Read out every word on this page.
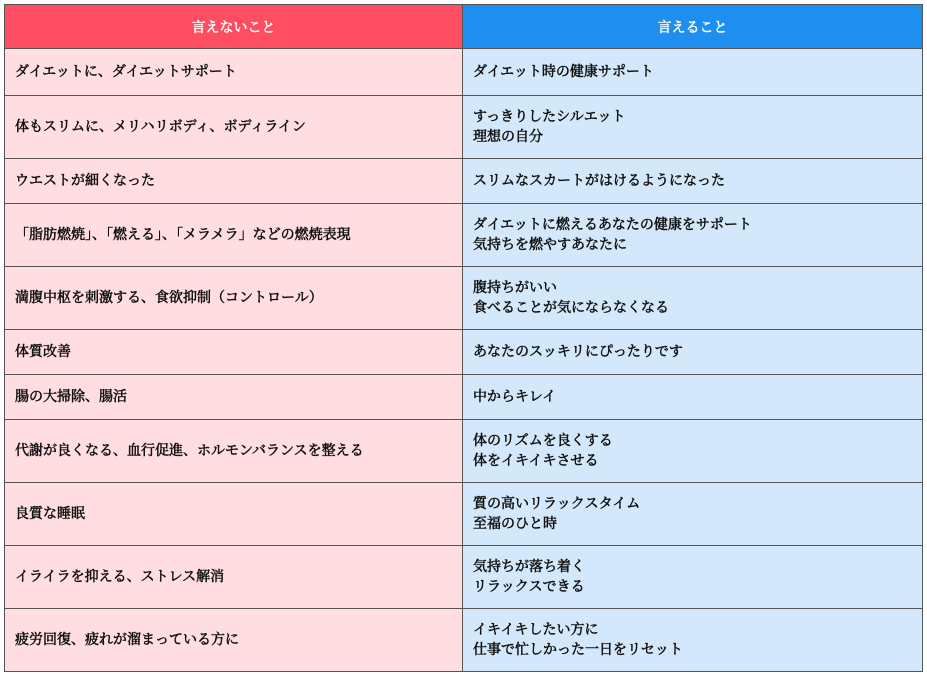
言えないこと	言えること

ダイエットに、ダイエットサポート	ダイエット時の健康サポート

体もスリムに、メリハリボディ、ボディライン	すっきりしたシルエット
理想の自分

ウエストが細くなった	スリムなスカートがはけるようになった

「脂肪燃焼」、「燃える」、「メラメラ」などの燃焼表現	ダイエットに燃えるあなたの健康をサポート
気持ちを燃やすあなたに

満腹中枢を刺激する、食欲抑制（コントロール）	腹持ちがいい
食べることが気にならなくなる

体質改善	あなたのスッキリにぴったりです

腸の大掃除、腸活	中からキレイ

代謝が良くなる、血行促進、ホルモンバランスを整える	体のリズムを良くする
体をイキイキさせる

良質な睡眠	質の高いリラックスタイム
至福のひと時

イライラを抑える、ストレス解消	気持ちが落ち着く
リラックスできる

疲労回復、疲れが溜まっている方に	イキイキしたい方に
仕事で忙しかった一日をリセット
